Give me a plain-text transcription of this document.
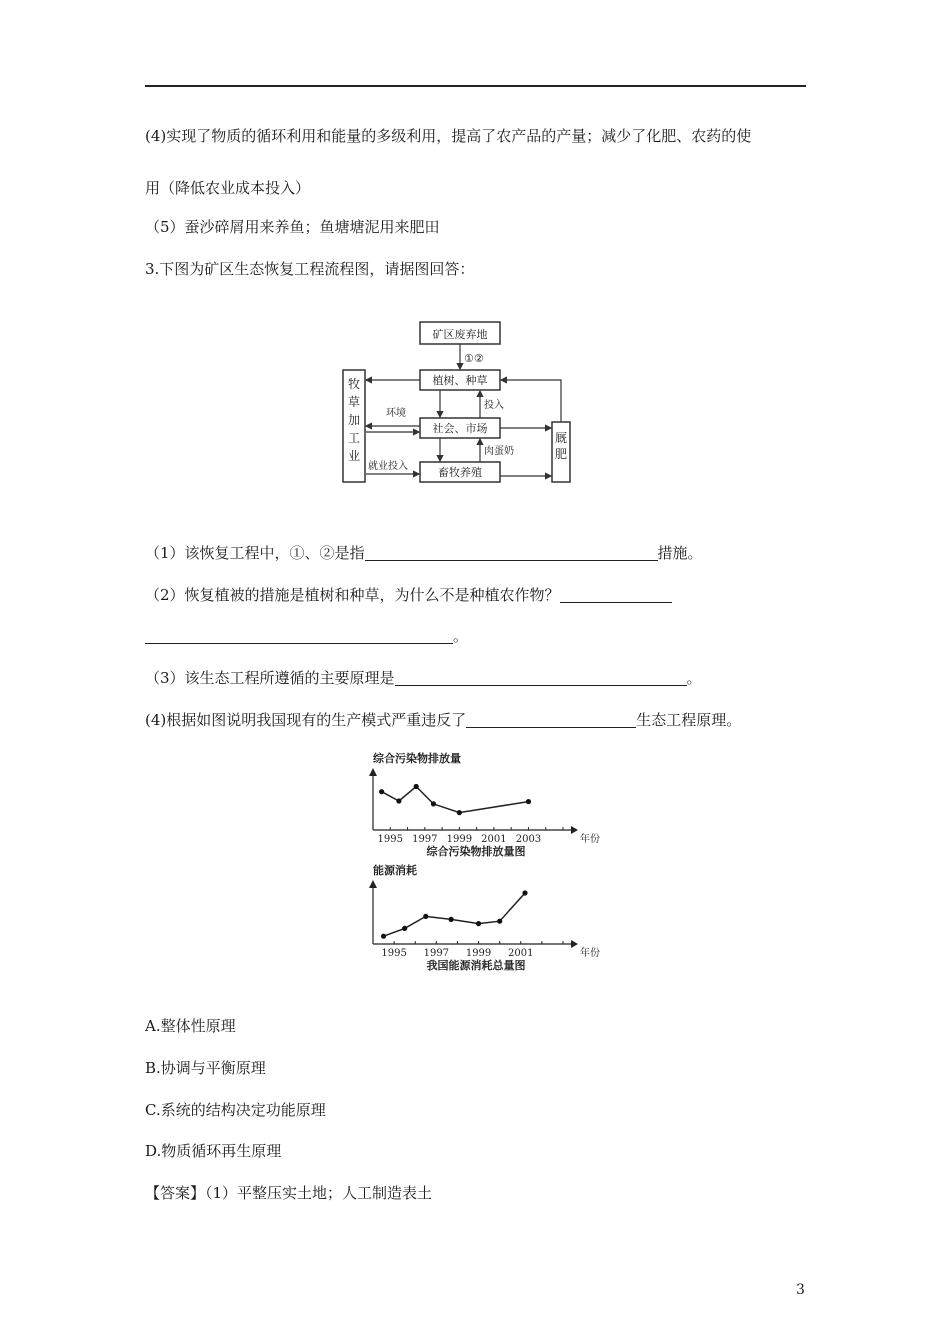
(4)实现了物质的循环利用和能量的多级利用，提高了农产品的产量；减少了化肥、农药的使
用（降低农业成本投入）
（5）蚕沙碎屑用来养鱼；鱼塘塘泥用来肥田
3.下图为矿区生态恢复工程流程图，请据图回答：
矿区废弃地
①②
植树、种草
社会、市场
畜牧养殖
环境
投入
肉蛋奶
就业投入
牧草加工业
厩肥
（1）该恢复工程中，①、②是指	措施。
（2）恢复植被的措施是植树和种草，为什么不是种植农作物？
。
（3）该生态工程所遵循的主要原理是	。
(4)根据如图说明我国现有的生产模式严重违反了	生态工程原理。
1995 1997 1999 2001 2003	年份
综合污染物排放量
综合污染物排放量图
1995 1997 1999 2001	年份
能源消耗
我国能源消耗总量图
A.整体性原理
B.协调与平衡原理
C.系统的结构决定功能原理
D.物质循环再生原理
【答案】（1）平整压实土地；人工制造表土
3
